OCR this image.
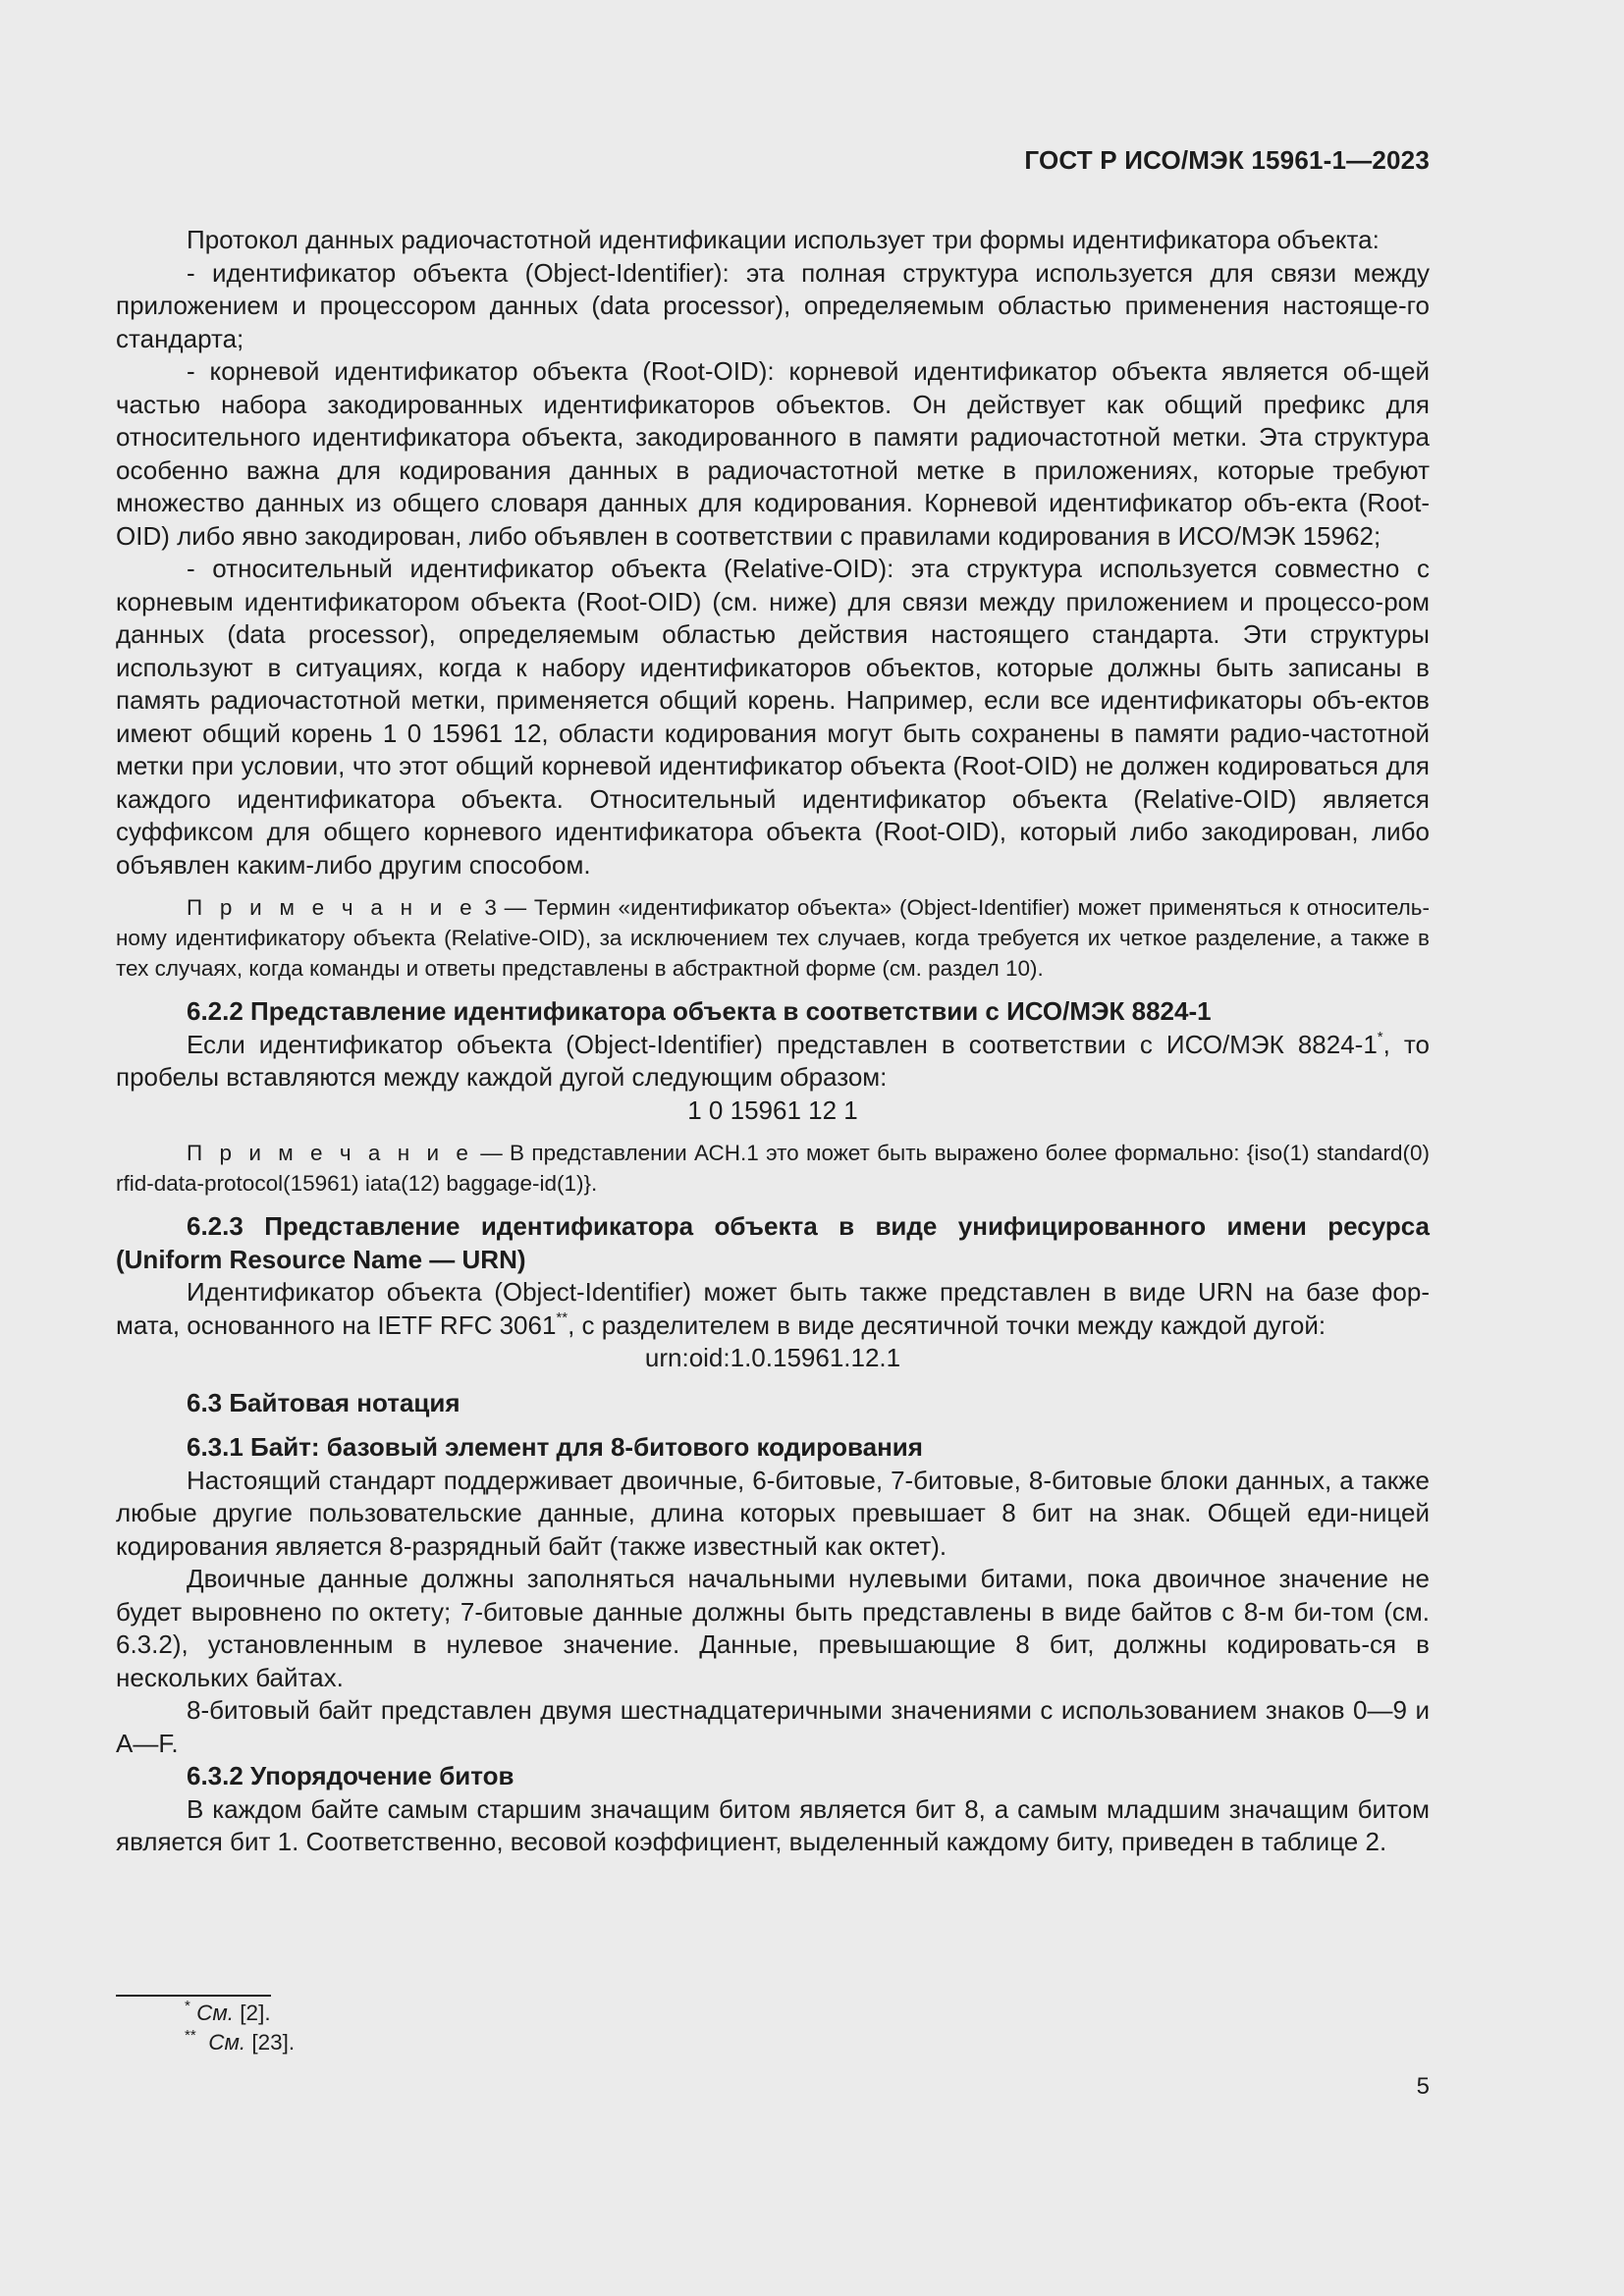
ГОСТ Р ИСО/МЭК 15961-1—2023

Протокол данных радиочастотной идентификации использует три формы идентификатора объекта:

- идентификатор объекта (Object-Identifier): эта полная структура используется для связи между приложением и процессором данных (data processor), определяемым областью применения настояще-го стандарта;

- корневой идентификатор объекта (Root-OID): корневой идентификатор объекта является об-щей частью набора закодированных идентификаторов объектов. Он действует как общий префикс для относительного идентификатора объекта, закодированного в памяти радиочастотной метки. Эта структура особенно важна для кодирования данных в радиочастотной метке в приложениях, которые требуют множество данных из общего словаря данных для кодирования. Корневой идентификатор объ-екта (Root-OID) либо явно закодирован, либо объявлен в соответствии с правилами кодирования в ИСО/МЭК 15962;

- относительный идентификатор объекта (Relative-OID): эта структура используется совместно с корневым идентификатором объекта (Root-OID) (см. ниже) для связи между приложением и процессо-ром данных (data processor), определяемым областью действия настоящего стандарта. Эти структуры используют в ситуациях, когда к набору идентификаторов объектов, которые должны быть записаны в память радиочастотной метки, применяется общий корень. Например, если все идентификаторы объ-ектов имеют общий корень 1 0 15961 12, области кодирования могут быть сохранены в памяти радио-частотной метки при условии, что этот общий корневой идентификатор объекта (Root-OID) не должен кодироваться для каждого идентификатора объекта. Относительный идентификатор объекта (Relative-OID) является суффиксом для общего корневого идентификатора объекта (Root-OID), который либо закодирован, либо объявлен каким-либо другим способом.

П р и м е ч а н и е 3 — Термин «идентификатор объекта» (Object-Identifier) может применяться к относитель-ному идентификатору объекта (Relative-OID), за исключением тех случаев, когда требуется их четкое разделение, а также в тех случаях, когда команды и ответы представлены в абстрактной форме (см. раздел 10).

6.2.2 Представление идентификатора объекта в соответствии с ИСО/МЭК 8824-1

Если идентификатор объекта (Object-Identifier) представлен в соответствии с ИСО/МЭК 8824-1*, то пробелы вставляются между каждой дугой следующим образом:

1 0 15961 12 1

П р и м е ч а н и е — В представлении АСН.1 это может быть выражено более формально: {iso(1) standard(0) rfid-data-protocol(15961) iata(12) baggage-id(1)}.

6.2.3 Представление идентификатора объекта в виде унифицированного имени ресурса (Uniform Resource Name — URN)

Идентификатор объекта (Object-Identifier) может быть также представлен в виде URN на базе фор-мата, основанного на IETF RFC 3061**, с разделителем в виде десятичной точки между каждой дугой:

urn:oid:1.0.15961.12.1

6.3 Байтовая нотация

6.3.1 Байт: базовый элемент для 8-битового кодирования

Настоящий стандарт поддерживает двоичные, 6-битовые, 7-битовые, 8-битовые блоки данных, а также любые другие пользовательские данные, длина которых превышает 8 бит на знак. Общей еди-ницей кодирования является 8-разрядный байт (также известный как октет).

Двоичные данные должны заполняться начальными нулевыми битами, пока двоичное значение не будет выровнено по октету; 7-битовые данные должны быть представлены в виде байтов с 8-м би-том (см. 6.3.2), установленным в нулевое значение. Данные, превышающие 8 бит, должны кодировать-ся в нескольких байтах.

8-битовый байт представлен двумя шестнадцатеричными значениями с использованием знаков 0—9 и A—F.

6.3.2 Упорядочение битов

В каждом байте самым старшим значащим битом является бит 8, а самым младшим значащим битом является бит 1. Соответственно, весовой коэффициент, выделенный каждому биту, приведен в таблице 2.

* См. [2].
** См. [23].
5
